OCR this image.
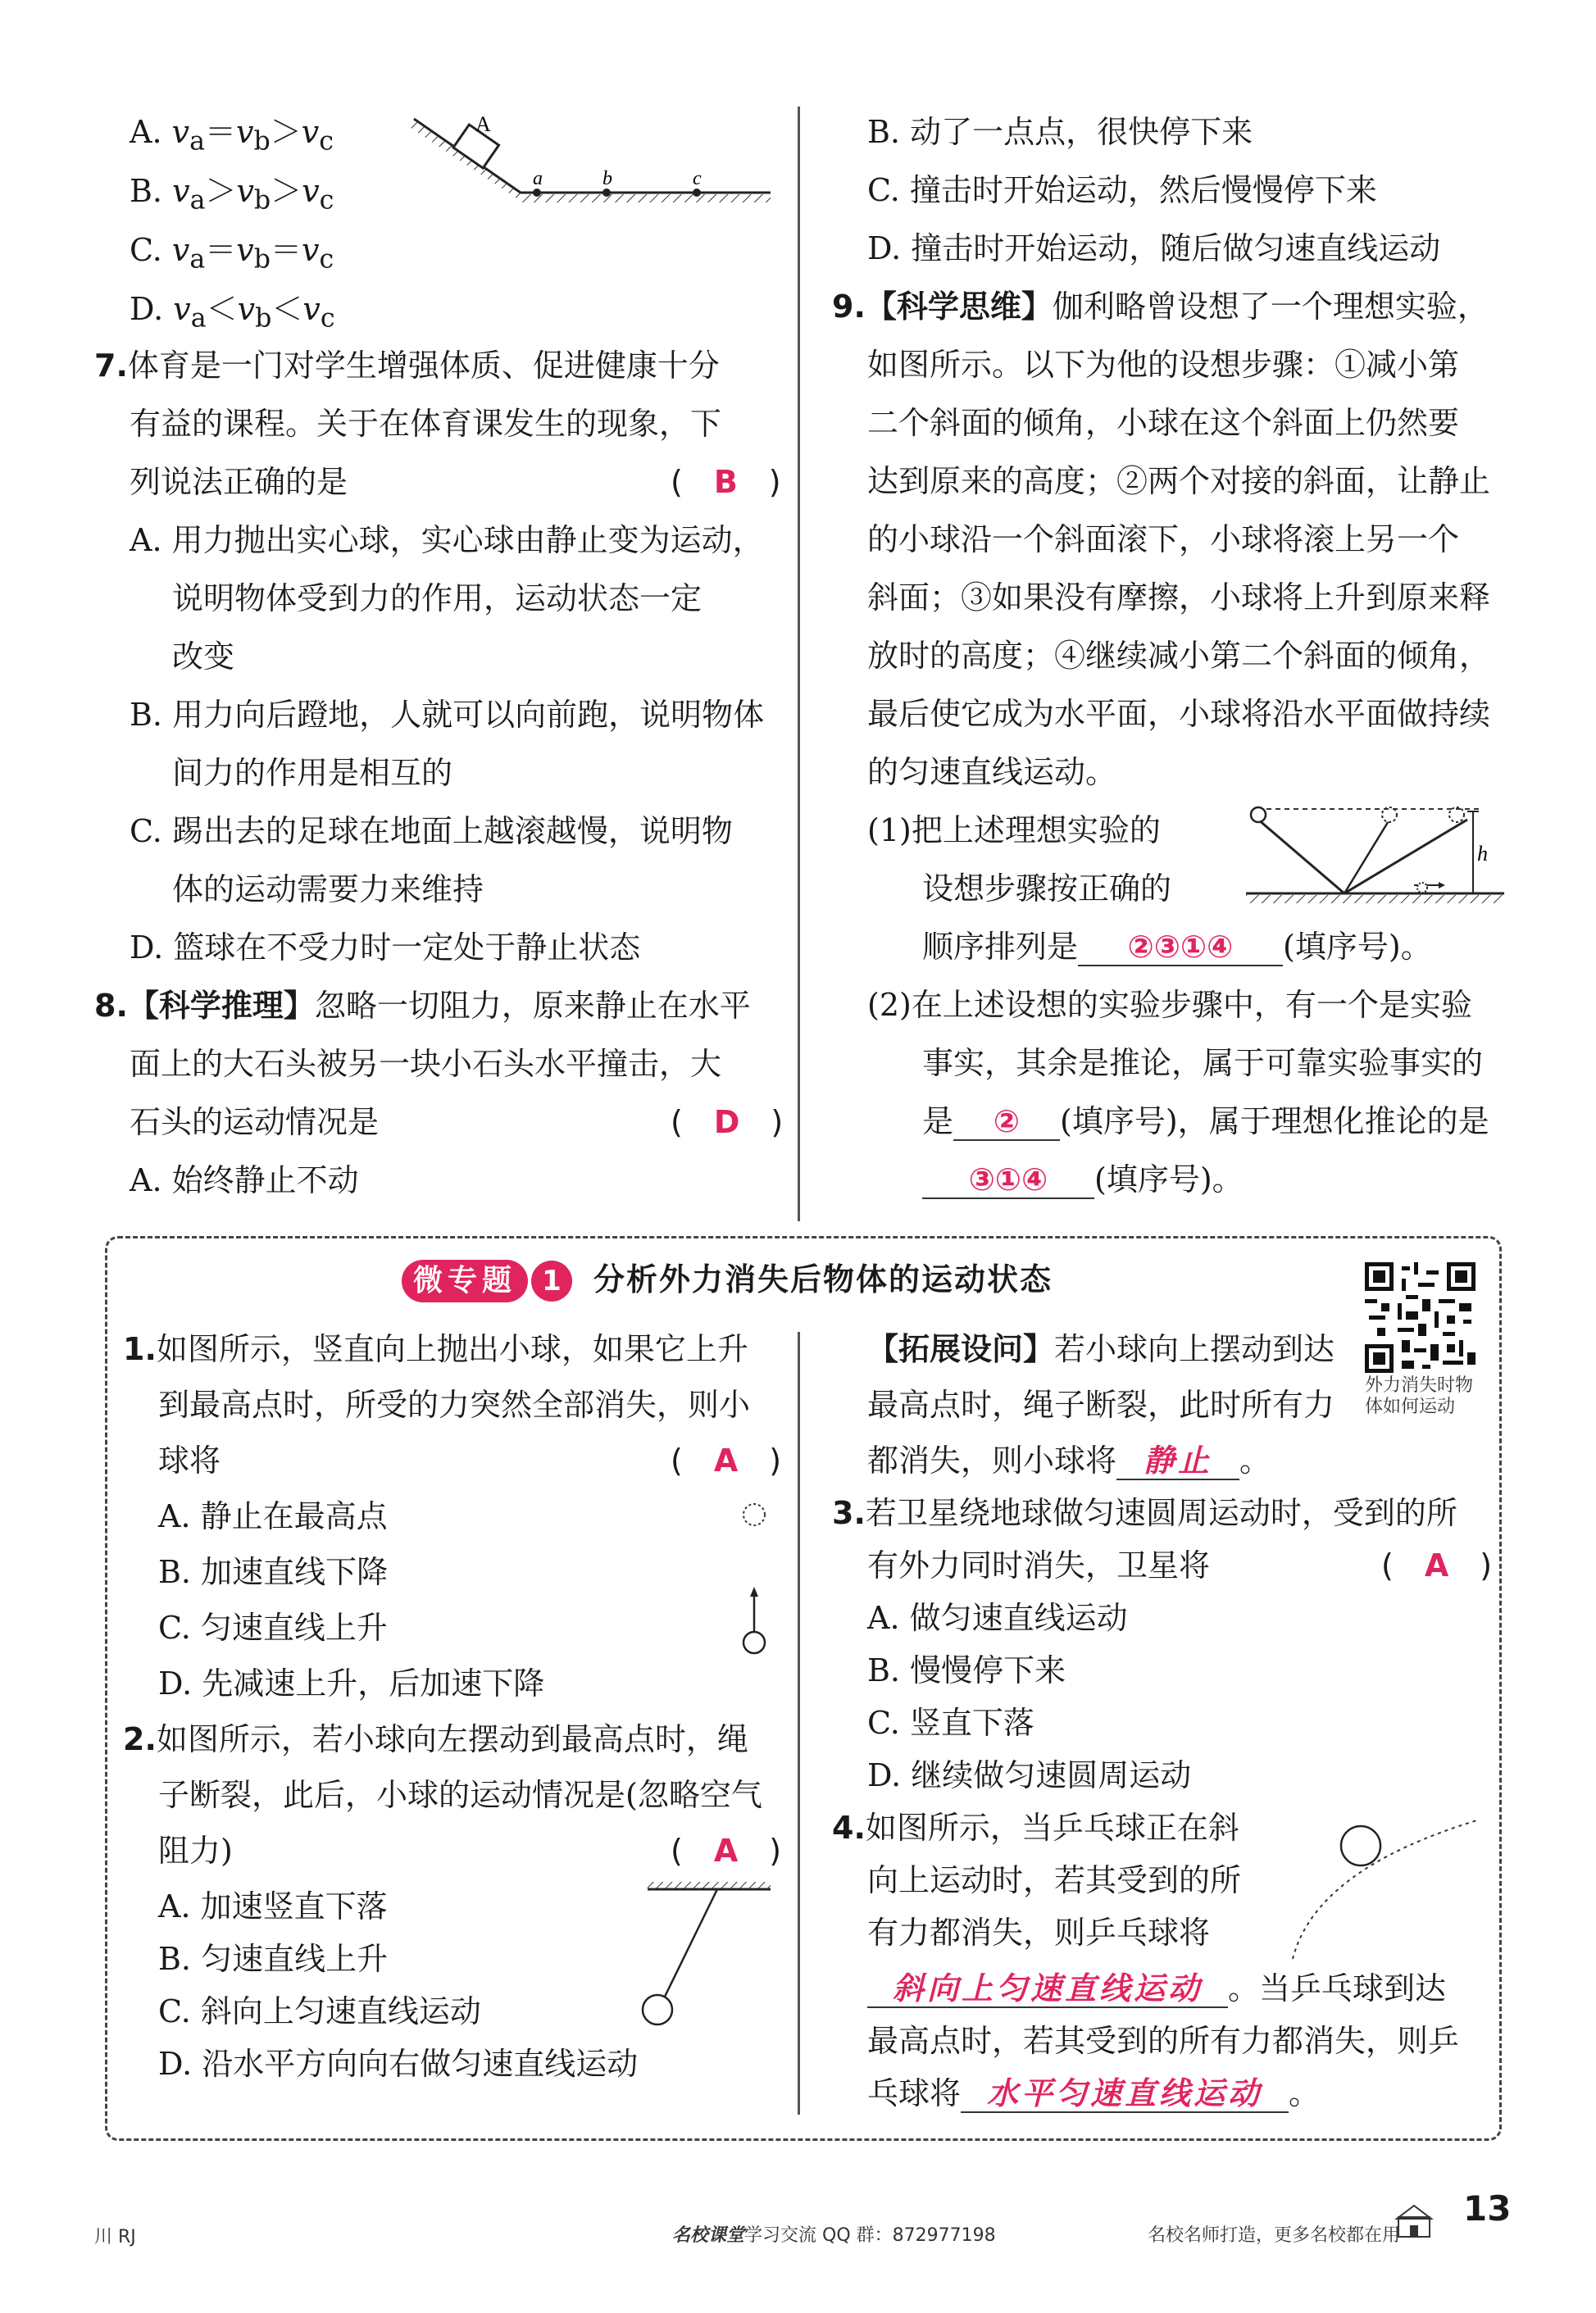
A. $v_a=v_b>v_c$
B. $v_a>v_b>v_c$
C. $v_a=v_b=v_c$
D. $v_a<v_b<v_c$
A
a	b	c
7.体育是一门对学生增强体质、促进健康十分
有益的课程。关于在体育课发生的现象，下
列说法正确的是	(　B　)
A. 用力抛出实心球，实心球由静止变为运动，
说明物体受到力的作用，运动状态一定
改变
B. 用力向后蹬地，人就可以向前跑，说明物体
间力的作用是相互的
C. 踢出去的足球在地面上越滚越慢，说明物
体的运动需要力来维持
D. 篮球在不受力时一定处于静止状态
8.【科学推理】忽略一切阻力，原来静止在水平
面上的大石头被另一块小石头水平撞击，大
石头的运动情况是	(　D　)
A. 始终静止不动
B. 动了一点点，很快停下来
C. 撞击时开始运动，然后慢慢停下来
D. 撞击时开始运动，随后做匀速直线运动
9.【科学思维】伽利略曾设想了一个理想实验，
如图所示。以下为他的设想步骤：①减小第
二个斜面的倾角，小球在这个斜面上仍然要
达到原来的高度；②两个对接的斜面，让静止
的小球沿一个斜面滚下，小球将滚上另一个
斜面；③如果没有摩擦，小球将上升到原来释
放时的高度；④继续减小第二个斜面的倾角，
最后使它成为水平面，小球将沿水平面做持续
的匀速直线运动。
(1)把上述理想实验的
设想步骤按正确的
顺序排列是 ②③①④ (填序号)。
h
(2)在上述设想的实验步骤中，有一个是实验
事实，其余是推论，属于可靠实验事实的
是 ② (填序号)，属于理想化推论的是
③①④ (填序号)。
微专题 1 分析外力消失后物体的运动状态
外力消失时物
体如何运动
1.如图所示，竖直向上抛出小球，如果它上升
到最高点时，所受的力突然全部消失，则小
球将	(　A　)
A. 静止在最高点
B. 加速直线下降
C. 匀速直线上升
D. 先减速上升，后加速下降
2.如图所示，若小球向左摆动到最高点时，绳
子断裂，此后，小球的运动情况是(忽略空气
阻力)	(　A　)
A. 加速竖直下落
B. 匀速直线上升
C. 斜向上匀速直线运动
D. 沿水平方向向右做匀速直线运动
【拓展设问】若小球向上摆动到达
最高点时，绳子断裂，此时所有力
都消失，则小球将 静止 。
3.若卫星绕地球做匀速圆周运动时，受到的所
有外力同时消失，卫星将	(　A　)
A. 做匀速直线运动
B. 慢慢停下来
C. 竖直下落
D. 继续做匀速圆周运动
4.如图所示，当乒乓球正在斜
向上运动时，若其受到的所
有力都消失，则乒乓球将
斜向上匀速直线运动 。当乒乓球到达
最高点时，若其受到的所有力都消失，则乒
乓球将 水平匀速直线运动 。
川 RJ	名校课堂学习交流 QQ 群：872977198	名校名师打造，更多名校都在用
13
